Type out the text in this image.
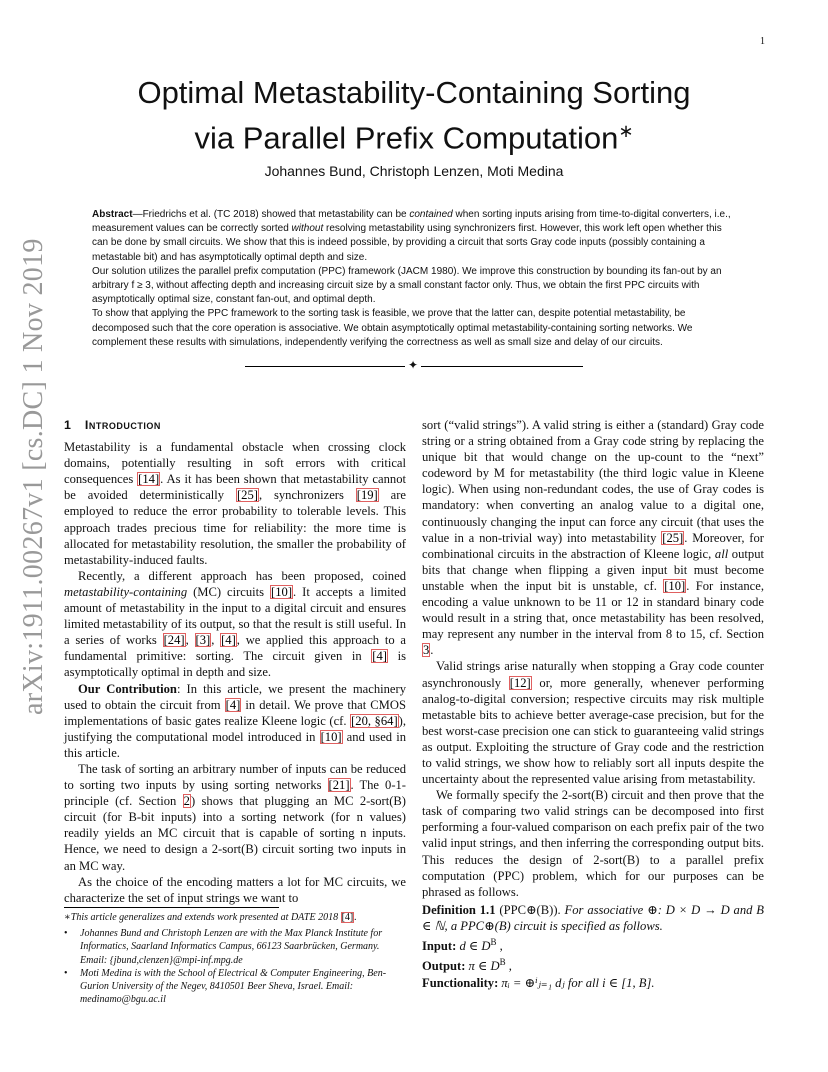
1
arXiv:1911.00267v1 [cs.DC] 1 Nov 2019
Optimal Metastability-Containing Sorting
via Parallel Prefix Computation∗
Johannes Bund, Christoph Lenzen, Moti Medina

Abstract—Friedrichs et al. (TC 2018) showed that metastability can be contained when sorting inputs arising from time-to-digital converters, i.e., measurement values can be correctly sorted without resolving metastability using synchronizers first. However, this work left open whether this can be done by small circuits. We show that this is indeed possible, by providing a circuit that sorts Gray code inputs (possibly containing a metastable bit) and has asymptotically optimal depth and size.

Our solution utilizes the parallel prefix computation (PPC) framework (JACM 1980). We improve this construction by bounding its fan-out by an arbitrary f ≥ 3, without affecting depth and increasing circuit size by a small constant factor only. Thus, we obtain the first PPC circuits with asymptotically optimal size, constant fan-out, and optimal depth.

To show that applying the PPC framework to the sorting task is feasible, we prove that the latter can, despite potential metastability, be decomposed such that the core operation is associative. We obtain asymptotically optimal metastability-containing sorting networks. We complement these results with simulations, independently verifying the correctness as well as small size and delay of our circuits.

✦
1 Introduction

Metastability is a fundamental obstacle when crossing clock domains, potentially resulting in soft errors with critical consequences [14]. As it has been shown that metastability cannot be avoided deterministically [25], synchronizers [19] are employed to reduce the error probability to tolerable levels. This approach trades precious time for reliability: the more time is allocated for metastability resolution, the smaller the probability of metastability-induced faults.

Recently, a different approach has been proposed, coined metastability-containing (MC) circuits [10]. It accepts a limited amount of metastability in the input to a digital circuit and ensures limited metastability of its output, so that the result is still useful. In a series of works [24], [3], [4], we applied this approach to a fundamental primitive: sorting. The circuit given in [4] is asymptotically optimal in depth and size.

Our Contribution: In this article, we present the machinery used to obtain the circuit from [4] in detail. We prove that CMOS implementations of basic gates realize Kleene logic (cf. [20, §64]), justifying the computational model introduced in [10] and used in this article.

The task of sorting an arbitrary number of inputs can be reduced to sorting two inputs by using sorting networks [21]. The 0-1-principle (cf. Section 2) shows that plugging an MC 2-sort(B) circuit (for B-bit inputs) into a sorting network (for n values) readily yields an MC circuit that is capable of sorting n inputs. Hence, we need to design a 2-sort(B) circuit sorting two inputs in an MC way.

As the choice of the encoding matters a lot for MC circuits, we characterize the set of input strings we want to

∗This article generalizes and extends work presented at DATE 2018 [4].

•	Johannes Bund and Christoph Lenzen are with the Max Planck Institute for Informatics, Saarland Informatics Campus, 66123 Saarbrücken, Germany. Email: {jbund,clenzen}@mpi-inf.mpg.de
•	Moti Medina is with the School of Electrical & Computer Engineering, Ben-Gurion University of the Negev, 8410501 Beer Sheva, Israel. Email: medinamo@bgu.ac.il

sort (“valid strings”). A valid string is either a (standard) Gray code string or a string obtained from a Gray code string by replacing the unique bit that would change on the up-count to the “next” codeword by M for metastability (the third logic value in Kleene logic). When using non-redundant codes, the use of Gray codes is mandatory: when converting an analog value to a digital one, continuously changing the input can force any circuit (that uses the value in a non-trivial way) into metastability [25]. Moreover, for combinational circuits in the abstraction of Kleene logic, all output bits that change when flipping a given input bit must become unstable when the input bit is unstable, cf. [10]. For instance, encoding a value unknown to be 11 or 12 in standard binary code would result in a string that, once metastability has been resolved, may represent any number in the interval from 8 to 15, cf. Section 3.

Valid strings arise naturally when stopping a Gray code counter asynchronously [12] or, more generally, whenever performing analog-to-digital conversion; respective circuits may risk multiple metastable bits to achieve better average-case precision, but for the best worst-case precision one can stick to guaranteeing valid strings as output. Exploiting the structure of Gray code and the restriction to valid strings, we show how to reliably sort all inputs despite the uncertainty about the represented value arising from metastability.

We formally specify the 2-sort(B) circuit and then prove that the task of comparing two valid strings can be decomposed into first performing a four-valued comparison on each prefix pair of the two valid input strings, and then inferring the corresponding output bits. This reduces the design of 2-sort(B) to a parallel prefix computation (PPC) problem, which for our purposes can be phrased as follows.

Definition 1.1 (PPC⊕(B)). For associative ⊕: D × D → D and B ∈ ℕ, a PPC⊕(B) circuit is specified as follows.

Input: d ∈ $D^B$ ,

Output: π ∈ $D^B$ ,

Functionality: πᵢ = ⊕ⁱⱼ₌₁ dⱼ for all i ∈ [1, B].
